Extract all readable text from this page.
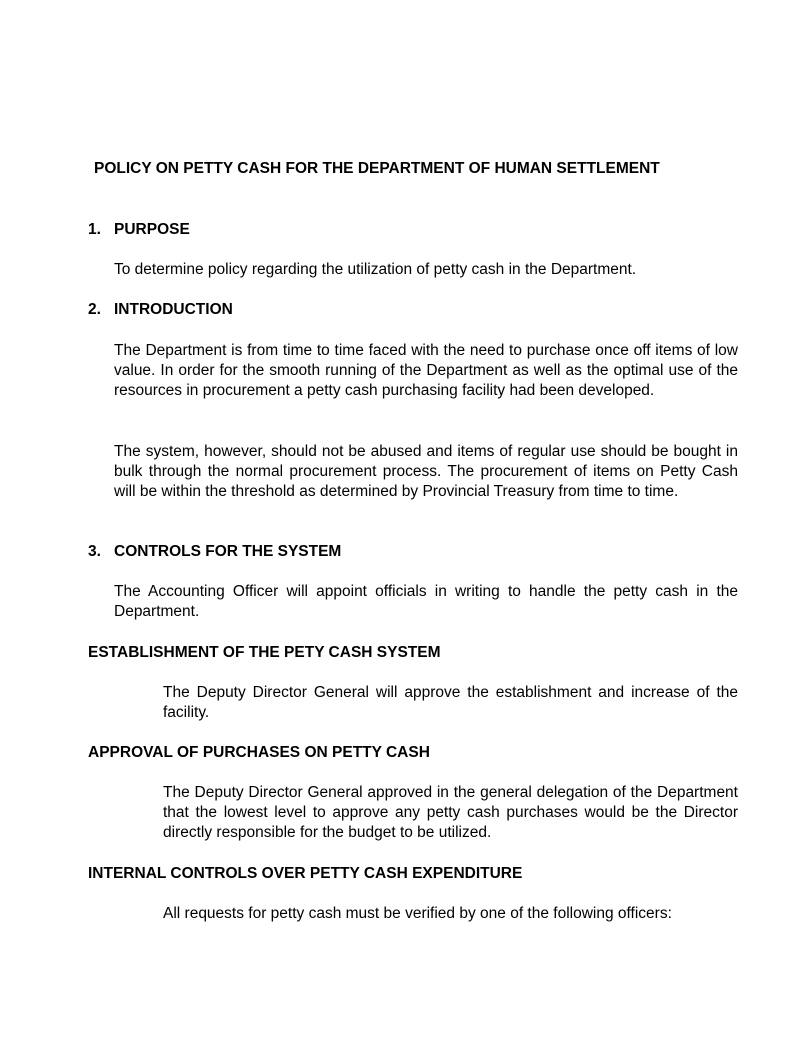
POLICY ON PETTY CASH FOR THE DEPARTMENT OF HUMAN SETTLEMENT
1. PURPOSE

To determine policy regarding the utilization of petty cash in the Department.

2. INTRODUCTION

The Department is from time to time faced with the need to purchase once off items of low value. In order for the smooth running of the Department as well as the optimal use of the resources in procurement a petty cash purchasing facility had been developed.

The system, however, should not be abused and items of regular use should be bought in bulk through the normal procurement process. The procurement of items on Petty Cash will be within the threshold as determined by Provincial Treasury from time to time.

3. CONTROLS FOR THE SYSTEM

The Accounting Officer will appoint officials in writing to handle the petty cash in the Department.

ESTABLISHMENT OF THE PETY CASH SYSTEM

The Deputy Director General will approve the establishment and increase of the facility.

APPROVAL OF PURCHASES ON PETTY CASH

The Deputy Director General approved in the general delegation of the Department that the lowest level to approve any petty cash purchases would be the Director directly responsible for the budget to be utilized.

INTERNAL CONTROLS OVER PETTY CASH EXPENDITURE

All requests for petty cash must be verified by one of the following officers:
